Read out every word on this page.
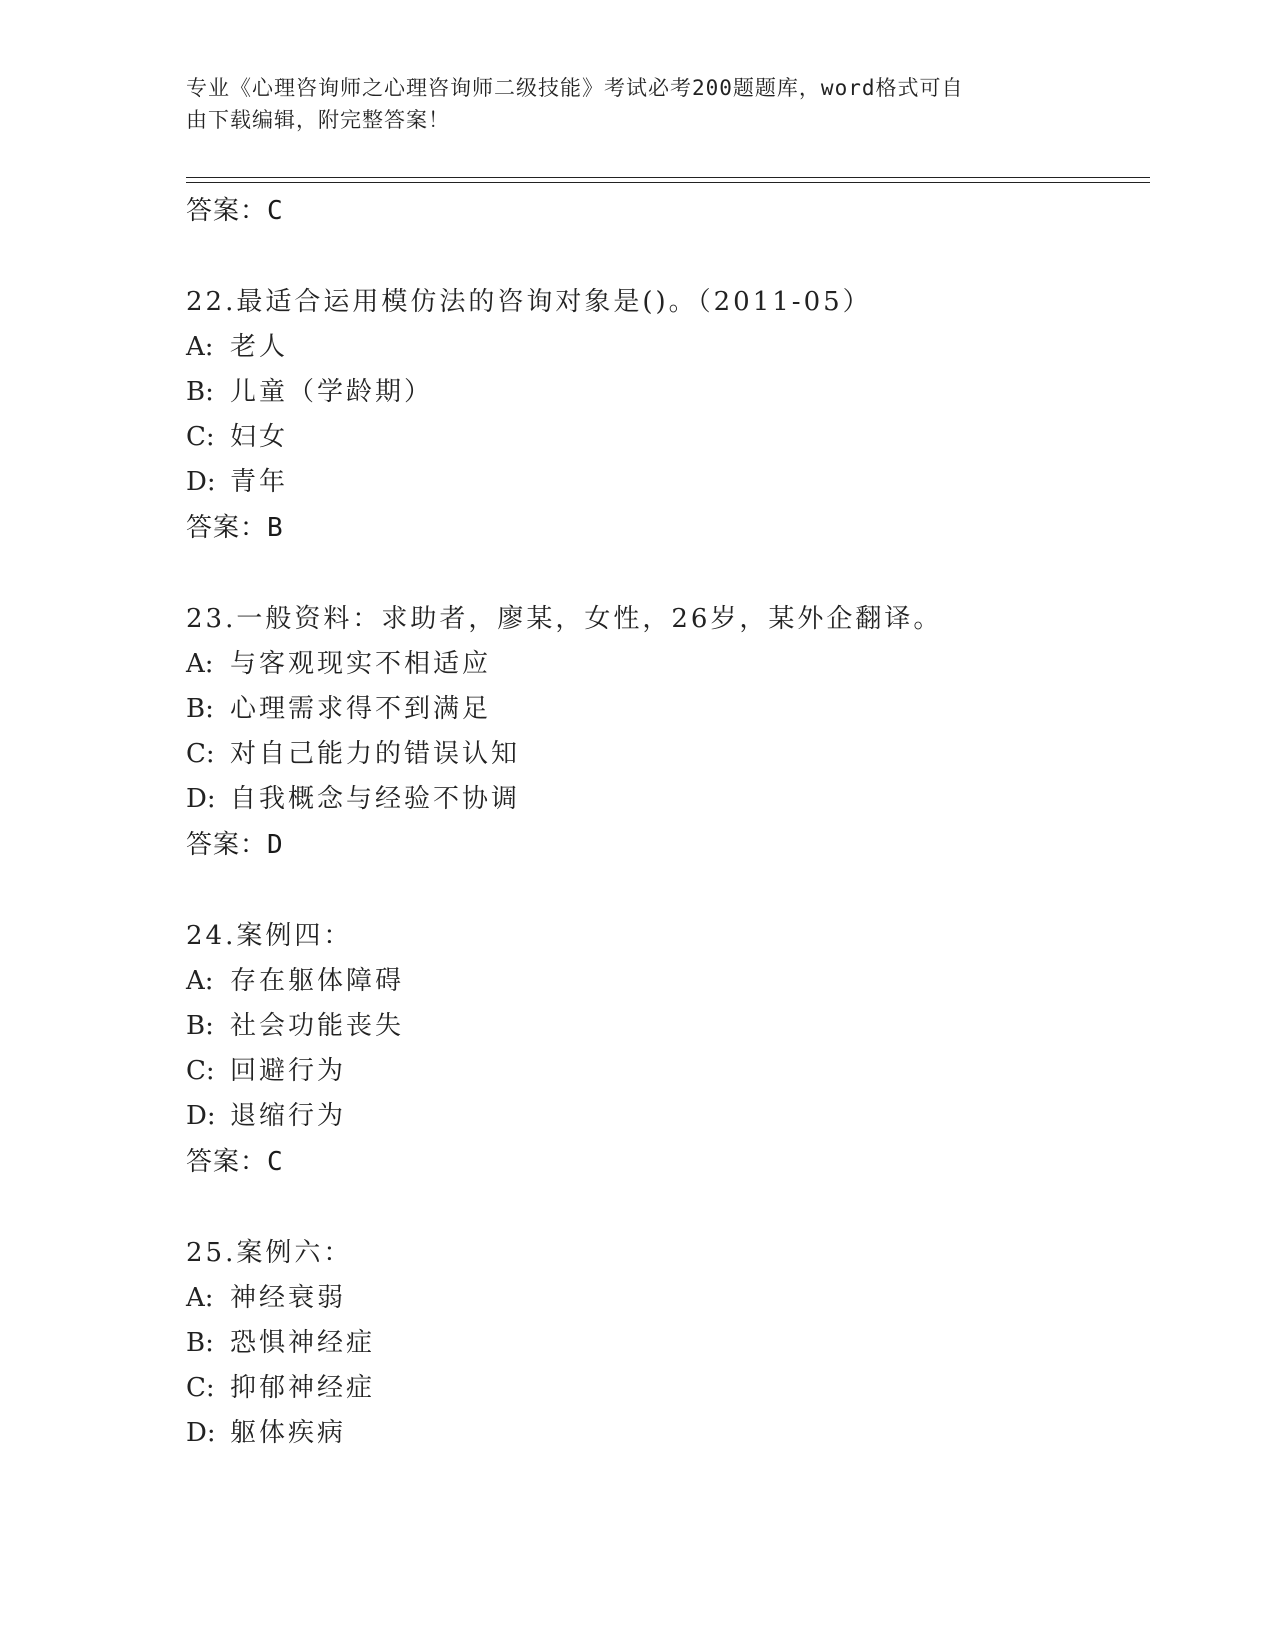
专业《心理咨询师之心理咨询师二级技能》考试必考200题题库，word格式可自
由下载编辑，附完整答案！
答案：C
22.最适合运用模仿法的咨询对象是()。（2011-05）
A: 老人
B: 儿童（学龄期）
C: 妇女
D: 青年
答案：B
23.一般资料：求助者，廖某，女性，26岁，某外企翻译。
A: 与客观现实不相适应
B: 心理需求得不到满足
C: 对自己能力的错误认知
D: 自我概念与经验不协调
答案：D
24.案例四：
A: 存在躯体障碍
B: 社会功能丧失
C: 回避行为
D: 退缩行为
答案：C
25.案例六：
A: 神经衰弱
B: 恐惧神经症
C: 抑郁神经症
D: 躯体疾病
